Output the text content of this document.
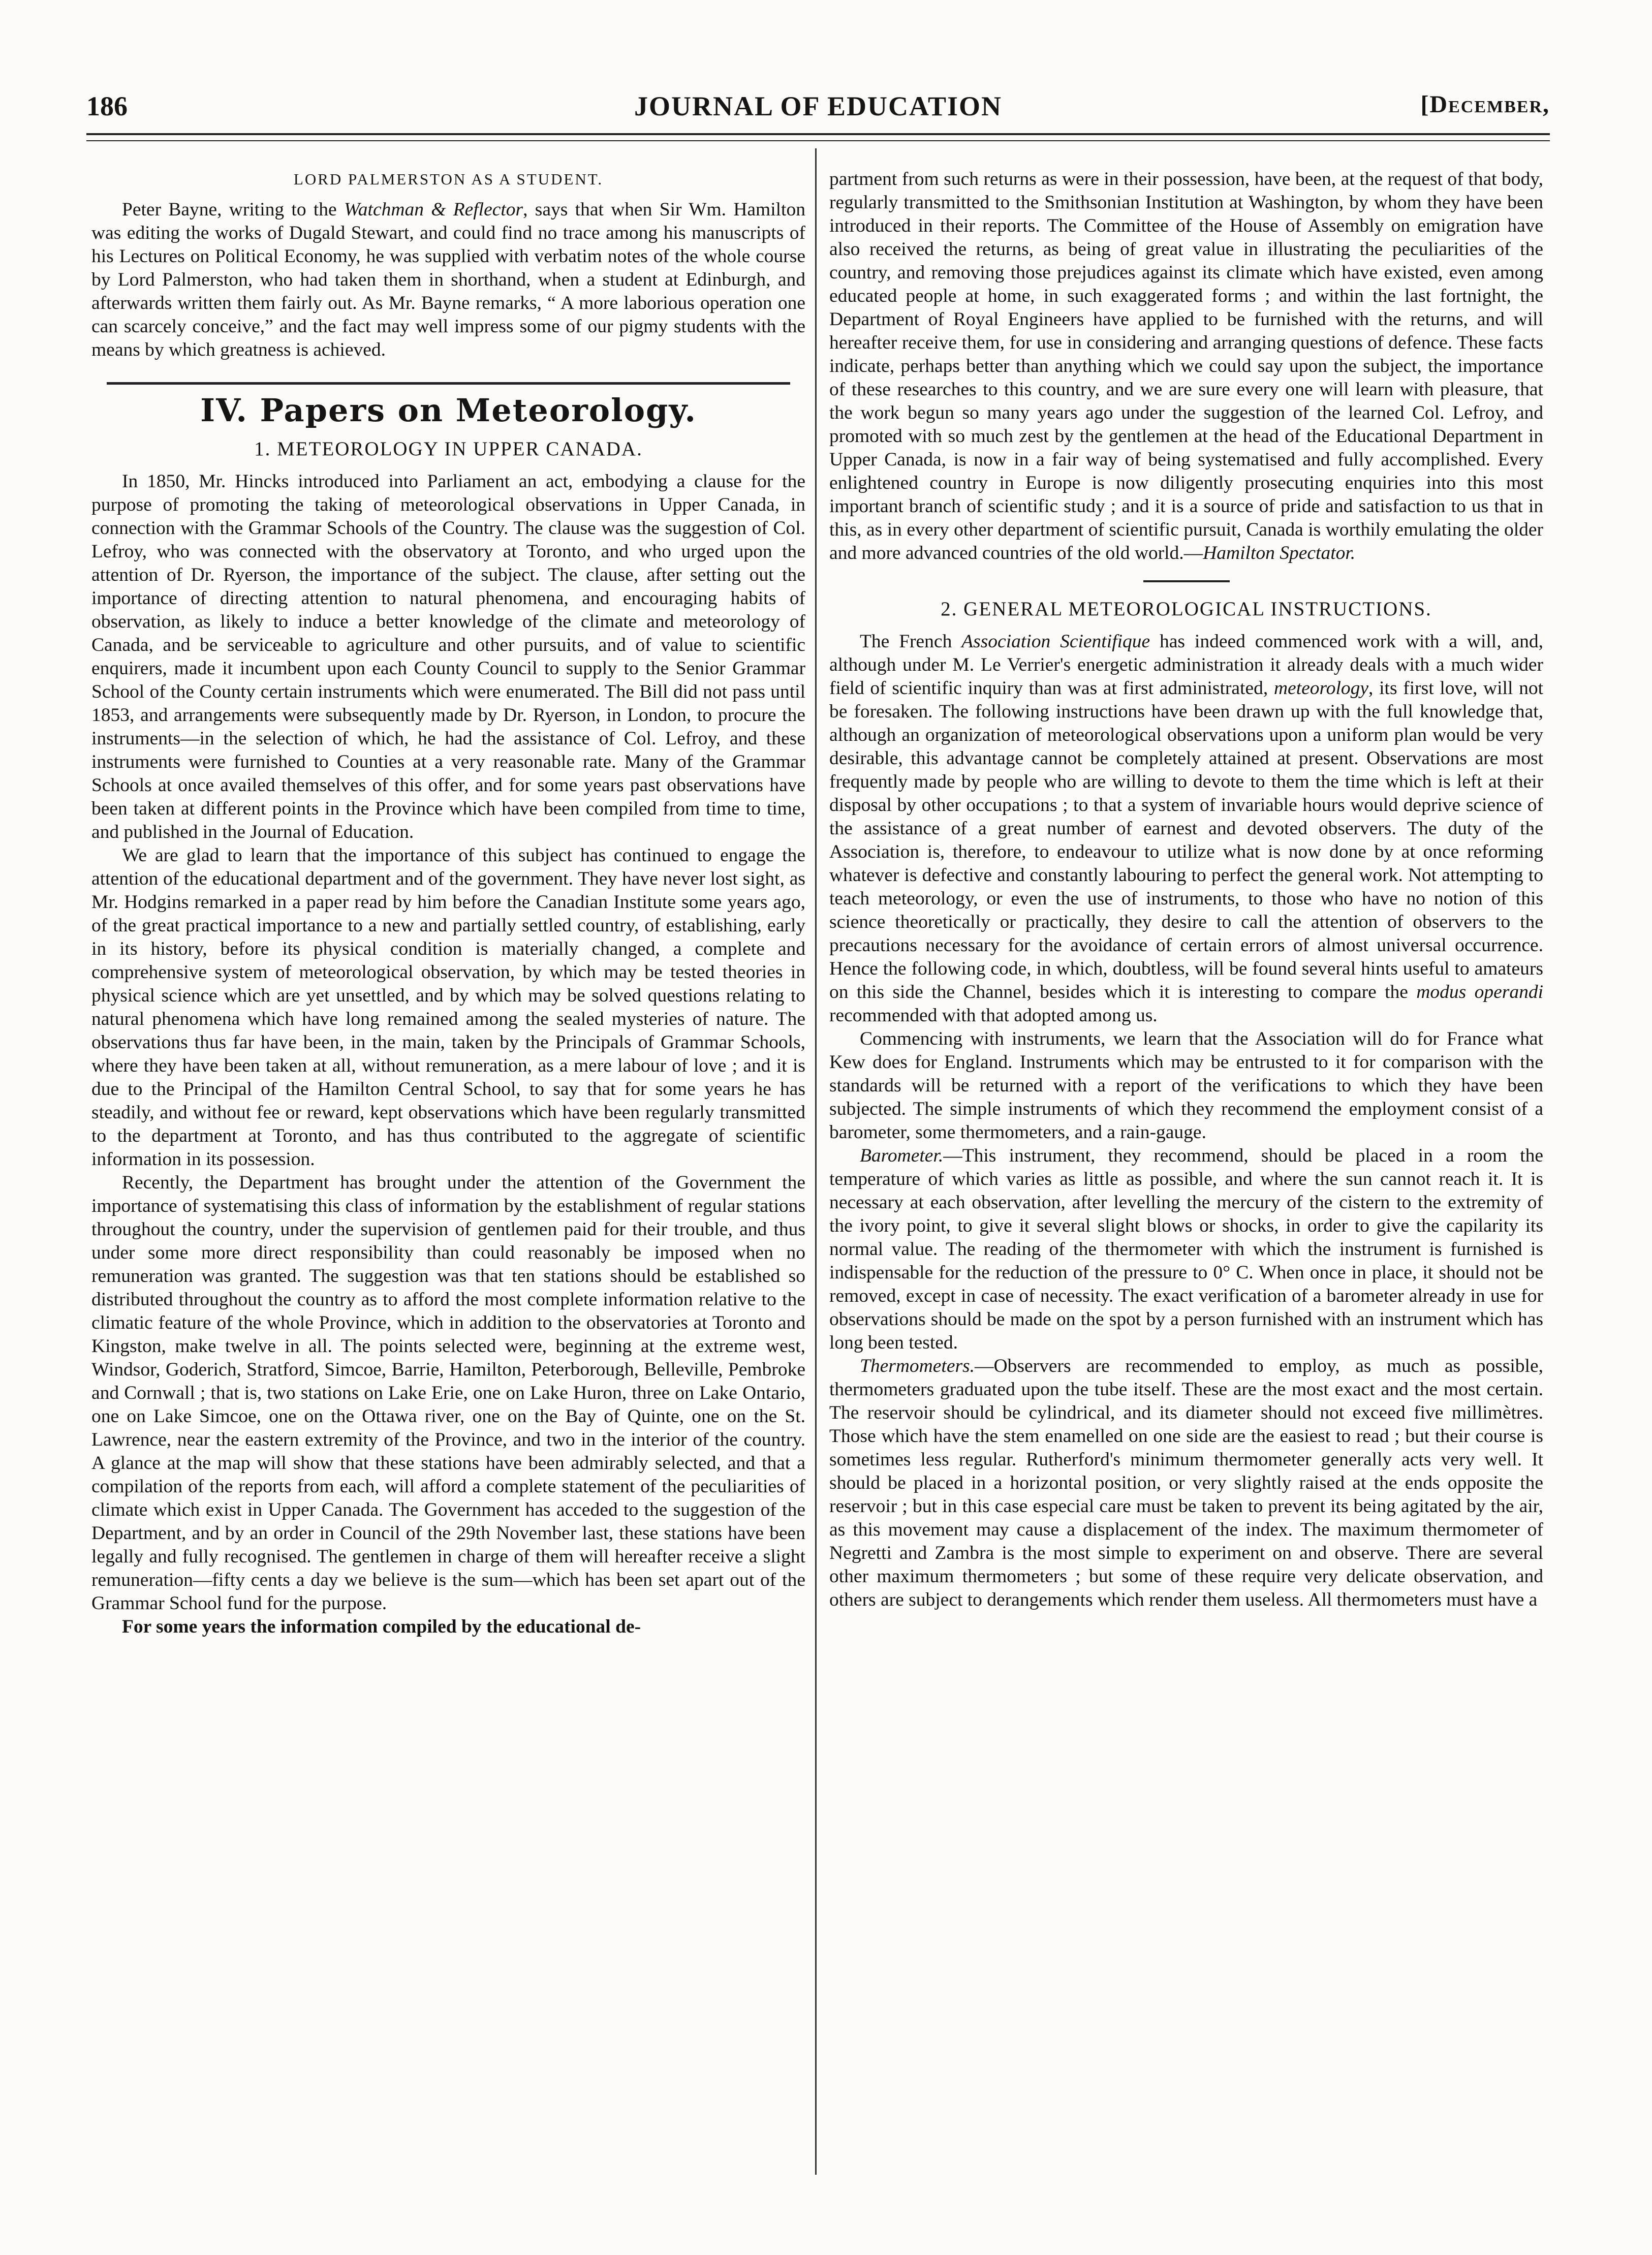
186	JOURNAL OF EDUCATION	[December,
LORD PALMERSTON AS A STUDENT.

Peter Bayne, writing to the Watchman & Reflector, says that when Sir Wm. Hamilton was editing the works of Dugald Stewart, and could find no trace among his manuscripts of his Lectures on Political Economy, he was supplied with verbatim notes of the whole course by Lord Palmerston, who had taken them in shorthand, when a student at Edinburgh, and afterwards written them fairly out. As Mr. Bayne remarks, “ A more laborious operation one can scarcely conceive,” and the fact may well impress some of our pigmy students with the means by which greatness is achieved.

IV. Papers on Meteorology.
1. METEOROLOGY IN UPPER CANADA.

In 1850, Mr. Hincks introduced into Parliament an act, embodying a clause for the purpose of promoting the taking of meteorological observations in Upper Canada, in connection with the Grammar Schools of the Country. The clause was the suggestion of Col. Lefroy, who was connected with the observatory at Toronto, and who urged upon the attention of Dr. Ryerson, the importance of the subject. The clause, after setting out the importance of directing attention to natural phenomena, and encouraging habits of observation, as likely to induce a better knowledge of the climate and meteorology of Canada, and be serviceable to agriculture and other pursuits, and of value to scientific enquirers, made it incumbent upon each County Council to supply to the Senior Grammar School of the County certain instruments which were enumerated. The Bill did not pass until 1853, and arrangements were subsequently made by Dr. Ryerson, in London, to procure the instruments—in the selection of which, he had the assistance of Col. Lefroy, and these instruments were furnished to Counties at a very reasonable rate. Many of the Grammar Schools at once availed themselves of this offer, and for some years past observations have been taken at different points in the Province which have been compiled from time to time, and published in the Journal of Education.

We are glad to learn that the importance of this subject has continued to engage the attention of the educational department and of the government. They have never lost sight, as Mr. Hodgins remarked in a paper read by him before the Canadian Institute some years ago, of the great practical importance to a new and partially settled country, of establishing, early in its history, before its physical condition is materially changed, a complete and comprehensive system of meteorological observation, by which may be tested theories in physical science which are yet unsettled, and by which may be solved questions relating to natural phenomena which have long remained among the sealed mysteries of nature. The observations thus far have been, in the main, taken by the Principals of Grammar Schools, where they have been taken at all, without remuneration, as a mere labour of love ; and it is due to the Principal of the Hamilton Central School, to say that for some years he has steadily, and without fee or reward, kept observations which have been regularly transmitted to the department at Toronto, and has thus contributed to the aggregate of scientific information in its possession.

Recently, the Department has brought under the attention of the Government the importance of systematising this class of information by the establishment of regular stations throughout the country, under the supervision of gentlemen paid for their trouble, and thus under some more direct responsibility than could reasonably be imposed when no remuneration was granted. The suggestion was that ten stations should be established so distributed throughout the country as to afford the most complete information relative to the climatic feature of the whole Province, which in addition to the observatories at Toronto and Kingston, make twelve in all. The points selected were, beginning at the extreme west, Windsor, Goderich, Stratford, Simcoe, Barrie, Hamilton, Peterborough, Belleville, Pembroke and Cornwall ; that is, two stations on Lake Erie, one on Lake Huron, three on Lake Ontario, one on Lake Simcoe, one on the Ottawa river, one on the Bay of Quinte, one on the St. Lawrence, near the eastern extremity of the Province, and two in the interior of the country. A glance at the map will show that these stations have been admirably selected, and that a compilation of the reports from each, will afford a complete statement of the peculiarities of climate which exist in Upper Canada. The Government has acceded to the suggestion of the Department, and by an order in Council of the 29th November last, these stations have been legally and fully recognised. The gentlemen in charge of them will hereafter receive a slight remuneration—fifty cents a day we believe is the sum—which has been set apart out of the Grammar School fund for the purpose.

For some years the information compiled by the educational de-

partment from such returns as were in their possession, have been, at the request of that body, regularly transmitted to the Smithsonian Institution at Washington, by whom they have been introduced in their reports. The Committee of the House of Assembly on emigration have also received the returns, as being of great value in illustrating the peculiarities of the country, and removing those prejudices against its climate which have existed, even among educated people at home, in such exaggerated forms ; and within the last fortnight, the Department of Royal Engineers have applied to be furnished with the returns, and will hereafter receive them, for use in considering and arranging questions of defence. These facts indicate, perhaps better than anything which we could say upon the subject, the importance of these researches to this country, and we are sure every one will learn with pleasure, that the work begun so many years ago under the suggestion of the learned Col. Lefroy, and promoted with so much zest by the gentlemen at the head of the Educational Department in Upper Canada, is now in a fair way of being systematised and fully accomplished. Every enlightened country in Europe is now diligently prosecuting enquiries into this most important branch of scientific study ; and it is a source of pride and satisfaction to us that in this, as in every other department of scientific pursuit, Canada is worthily emulating the older and more advanced countries of the old world.—Hamilton Spectator.

2. GENERAL METEOROLOGICAL INSTRUCTIONS.

The French Association Scientifique has indeed commenced work with a will, and, although under M. Le Verrier's energetic administration it already deals with a much wider field of scientific inquiry than was at first administrated, meteorology, its first love, will not be foresaken. The following instructions have been drawn up with the full knowledge that, although an organization of meteorological observations upon a uniform plan would be very desirable, this advantage cannot be completely attained at present. Observations are most frequently made by people who are willing to devote to them the time which is left at their disposal by other occupations ; to that a system of invariable hours would deprive science of the assistance of a great number of earnest and devoted observers. The duty of the Association is, therefore, to endeavour to utilize what is now done by at once reforming whatever is defective and constantly labouring to perfect the general work. Not attempting to teach meteorology, or even the use of instruments, to those who have no notion of this science theoretically or practically, they desire to call the attention of observers to the precautions necessary for the avoidance of certain errors of almost universal occurrence. Hence the following code, in which, doubtless, will be found several hints useful to amateurs on this side the Channel, besides which it is interesting to compare the modus operandi recommended with that adopted among us.

Commencing with instruments, we learn that the Association will do for France what Kew does for England. Instruments which may be entrusted to it for comparison with the standards will be returned with a report of the verifications to which they have been subjected. The simple instruments of which they recommend the employment consist of a barometer, some thermometers, and a rain-gauge.

Barometer.—This instrument, they recommend, should be placed in a room the temperature of which varies as little as possible, and where the sun cannot reach it. It is necessary at each observation, after levelling the mercury of the cistern to the extremity of the ivory point, to give it several slight blows or shocks, in order to give the capilarity its normal value. The reading of the thermometer with which the instrument is furnished is indispensable for the reduction of the pressure to 0° C. When once in place, it should not be removed, except in case of necessity. The exact verification of a barometer already in use for observations should be made on the spot by a person furnished with an instrument which has long been tested.

Thermometers.—Observers are recommended to employ, as much as possible, thermometers graduated upon the tube itself. These are the most exact and the most certain. The reservoir should be cylindrical, and its diameter should not exceed five millimètres. Those which have the stem enamelled on one side are the easiest to read ; but their course is sometimes less regular. Rutherford's minimum thermometer generally acts very well. It should be placed in a horizontal position, or very slightly raised at the ends opposite the reservoir ; but in this case especial care must be taken to prevent its being agitated by the air, as this movement may cause a displacement of the index. The maximum thermometer of Negretti and Zambra is the most simple to experiment on and observe. There are several other maximum thermometers ; but some of these require very delicate observation, and others are subject to derangements which render them useless. All thermometers must have a
